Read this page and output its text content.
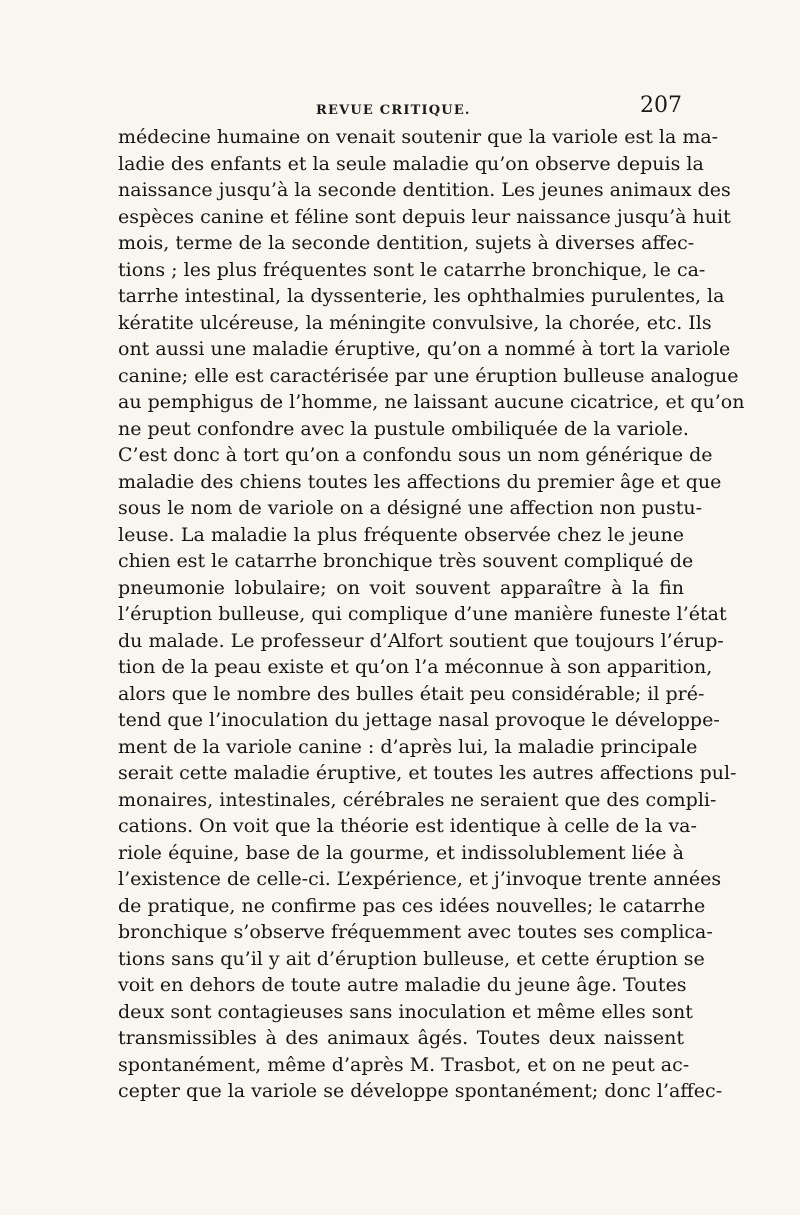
REVUE CRITIQUE.	207
médecine humaine on venait soutenir que la variole est la ma-
ladie des enfants et la seule maladie qu’on observe depuis la
naissance jusqu’à la seconde dentition. Les jeunes animaux des
espèces canine et féline sont depuis leur naissance jusqu’à huit
mois, terme de la seconde dentition, sujets à diverses affec-
tions ; les plus fréquentes sont le catarrhe bronchique, le ca-
tarrhe intestinal, la dyssenterie, les ophthalmies purulentes, la
kératite ulcéreuse, la méningite convulsive, la chorée, etc. Ils
ont aussi une maladie éruptive, qu’on a nommé à tort la variole
canine; elle est caractérisée par une éruption bulleuse analogue
au pemphigus de l’homme, ne laissant aucune cicatrice, et qu’on
ne peut confondre avec la pustule ombiliquée de la variole.
C’est donc à tort qu’on a confondu sous un nom générique de
maladie des chiens toutes les affections du premier âge et que
sous le nom de variole on a désigné une affection non pustu-
leuse. La maladie la plus fréquente observée chez le jeune
chien est le catarrhe bronchique très souvent compliqué de
pneumonie lobulaire; on voit souvent apparaître à la fin
l’éruption bulleuse, qui complique d’une manière funeste l’état
du malade. Le professeur d’Alfort soutient que toujours l’érup-
tion de la peau existe et qu’on l’a méconnue à son apparition,
alors que le nombre des bulles était peu considérable; il pré-
tend que l’inoculation du jettage nasal provoque le développe-
ment de la variole canine : d’après lui, la maladie principale
serait cette maladie éruptive, et toutes les autres affections pul-
monaires, intestinales, cérébrales ne seraient que des compli-
cations. On voit que la théorie est identique à celle de la va-
riole équine, base de la gourme, et indissolublement liée à
l’existence de celle-ci. L’expérience, et j’invoque trente années
de pratique, ne confirme pas ces idées nouvelles; le catarrhe
bronchique s’observe fréquemment avec toutes ses complica-
tions sans qu’il y ait d’éruption bulleuse, et cette éruption se
voit en dehors de toute autre maladie du jeune âge. Toutes
deux sont contagieuses sans inoculation et même elles sont
transmissibles à des animaux âgés. Toutes deux naissent
spontanément, même d’après M. Trasbot, et on ne peut ac-
cepter que la variole se développe spontanément; donc l’affec-
